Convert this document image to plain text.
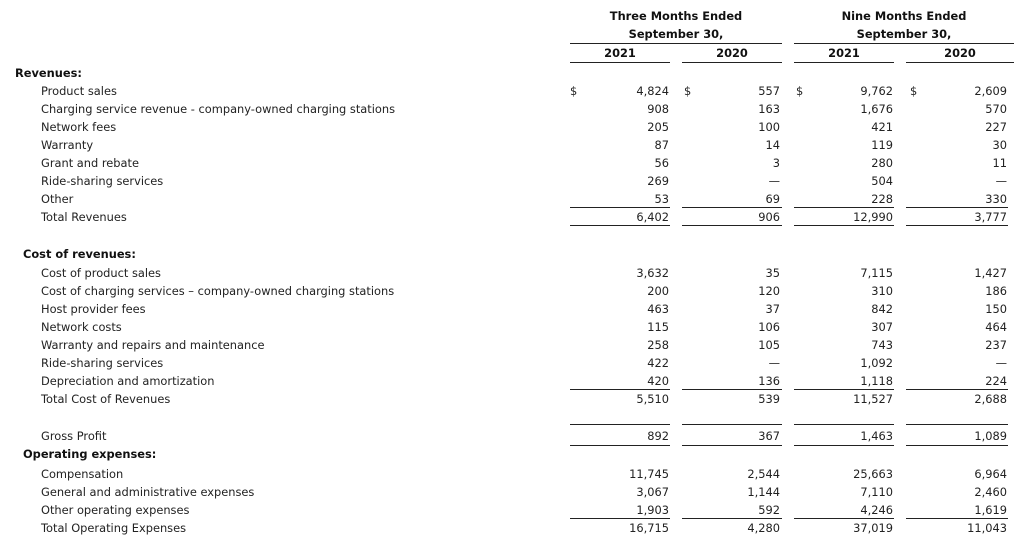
Three Months Ended
September 30,
Nine Months Ended
September 30,
2021	2020	2021	2020
Revenues:
Cost of revenues:
Operating expenses:
$	$	$	$
Product sales	4,824	557	9,762	2,609
Charging service revenue - company-owned charging stations	908	163	1,676	570
Network fees	205	100	421	227
Warranty	87	14	119	30
Grant and rebate	56	3	280	11
Ride-sharing services	269	—	504	—
Other	53	69	228	330
Total Revenues	6,402	906	12,990	3,777
Cost of product sales	3,632	35	7,115	1,427
Cost of charging services – company-owned charging stations	200	120	310	186
Host provider fees	463	37	842	150
Network costs	115	106	307	464
Warranty and repairs and maintenance	258	105	743	237
Ride-sharing services	422	—	1,092	—
Depreciation and amortization	420	136	1,118	224
Total Cost of Revenues	5,510	539	11,527	2,688
Gross Profit	892	367	1,463	1,089
Compensation	11,745	2,544	25,663	6,964
General and administrative expenses	3,067	1,144	7,110	2,460
Other operating expenses	1,903	592	4,246	1,619
Total Operating Expenses	16,715	4,280	37,019	11,043
